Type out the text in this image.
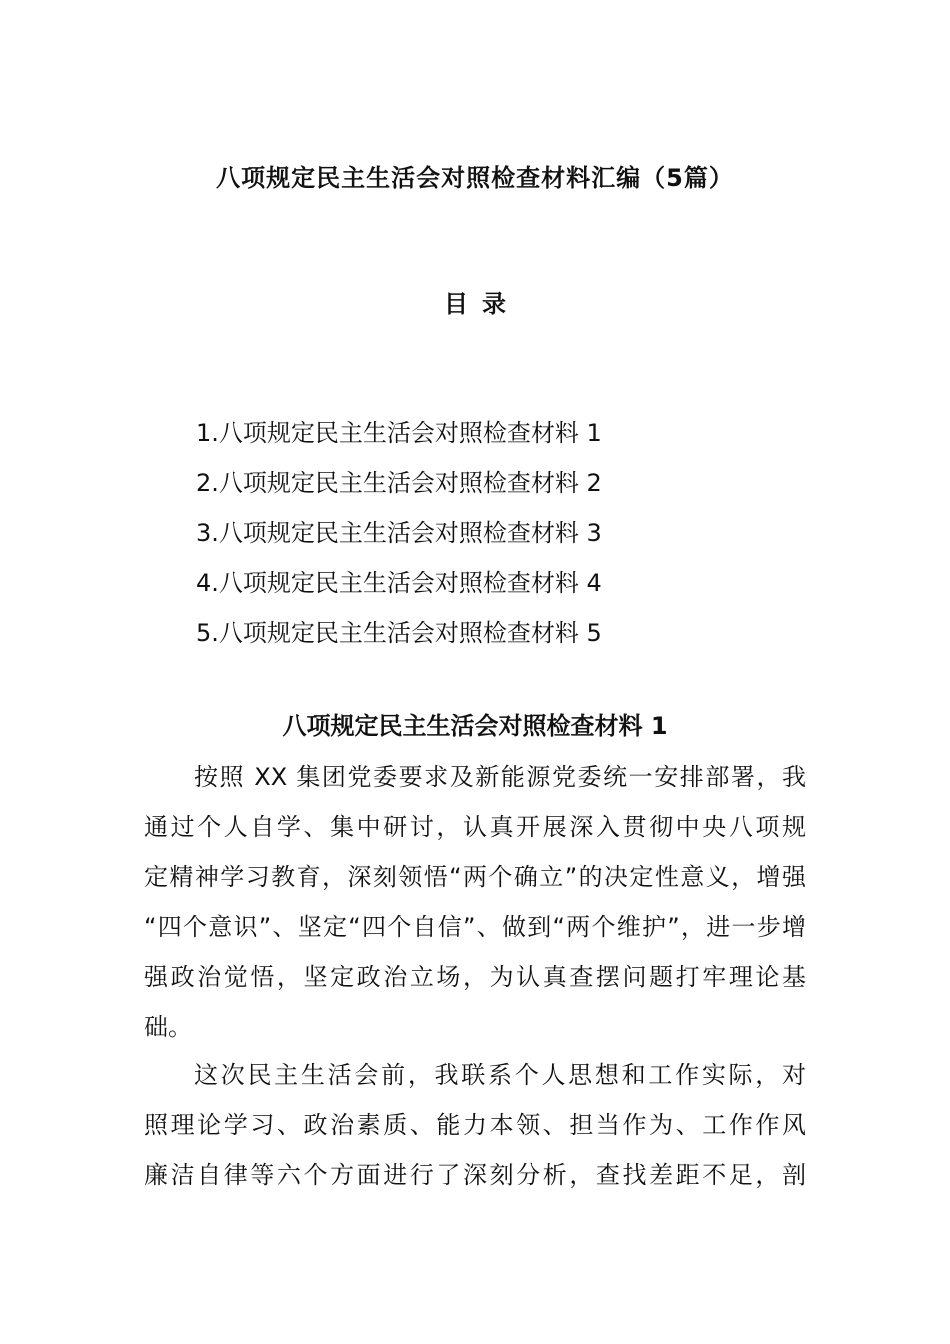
八项规定民主生活会对照检查材料汇编（5篇）
目 录
1.八项规定民主生活会对照检查材料 1
2.八项规定民主生活会对照检查材料 2
3.八项规定民主生活会对照检查材料 3
4.八项规定民主生活会对照检查材料 4
5.八项规定民主生活会对照检查材料 5
八项规定民主生活会对照检查材料 1
按照 XX 集团党委要求及新能源党委统一安排部署，我
通过个人自学、集中研讨，认真开展深入贯彻中央八项规
定精神学习教育，深刻领悟“两个确立”的决定性意义，增强
“四个意识”、坚定“四个自信”、做到“两个维护”，进一步增
强政治觉悟，坚定政治立场，为认真查摆问题打牢理论基
础。
这次民主生活会前，我联系个人思想和工作实际，对
照理论学习、政治素质、能力本领、担当作为、工作作风
廉洁自律等六个方面进行了深刻分析，查找差距不足，剖
